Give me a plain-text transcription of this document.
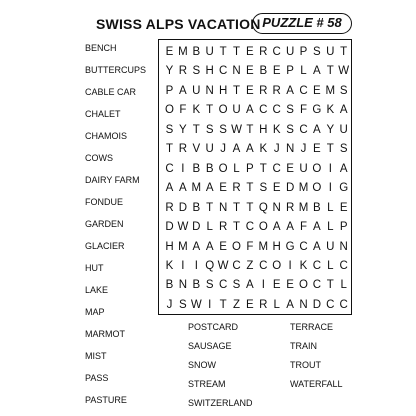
SWISS ALPS VACATION PUZZLE # 58
BENCH
BUTTERCUPS
CABLE CAR
CHALET
CHAMOIS
COWS
DAIRY FARM
FONDUE
GARDEN
GLACIER
HUT
LAKE
MAP
MARMOT
MIST
PASS
PASTURE
E M B U T T E R C U P S U T
Y R S H C N E B E P L A T W
P A U N H T E R R A C E M S
O F K T O U A C C S F G K A
S Y T S S W T H K S C A Y U
T R V U J A A K J N J E T S
C I B B O L P T C E U O I A
A A M A E R T S E D M O I G
R D B T N T T Q N R M B L E
D W D L R T C O A A F A L P
H M A A E O F M H G C A U N
K I I Q W C Z C O I K C L C
B N B S C S A I E E O C T L
J S W I T Z E R L A N D C C
POSTCARD
SAUSAGE
SNOW
STREAM
SWITZERLAND
TERRACE
TRAIN
TROUT
WATERFALL
